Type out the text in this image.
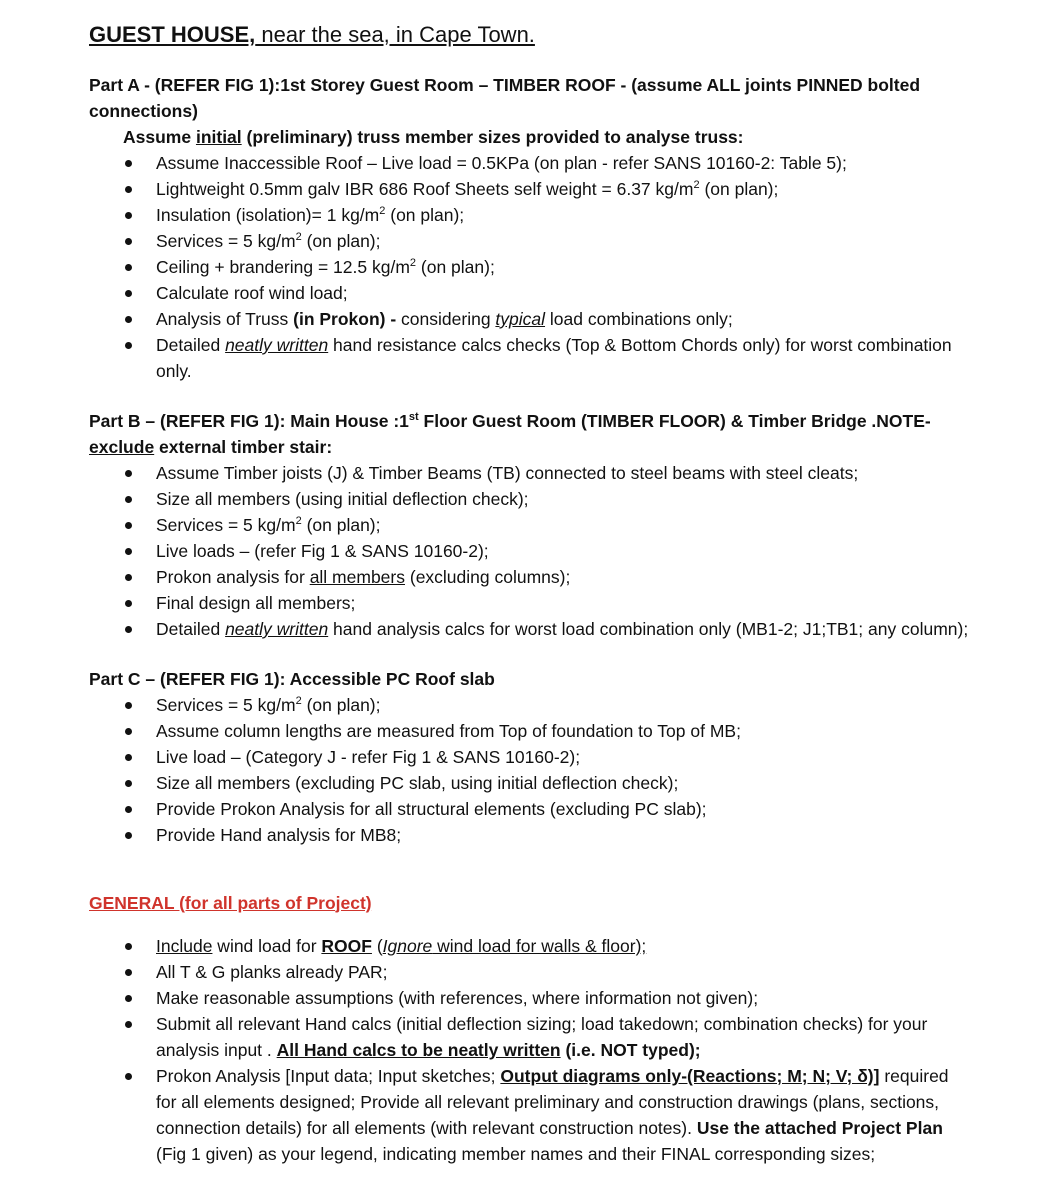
GUEST HOUSE, near the sea, in Cape Town.

Part A - (REFER FIG 1):1st Storey Guest Room – TIMBER ROOF - (assume ALL joints PINNED bolted connections)

Assume initial (preliminary) truss member sizes provided to analyse truss:

Assume Inaccessible Roof – Live load = 0.5KPa (on plan - refer SANS 10160-2: Table 5);
Lightweight 0.5mm galv IBR 686 Roof Sheets self weight = 6.37 $kg/m^2$ (on plan);
Insulation (isolation)= 1 $kg/m^2$ (on plan);
Services = 5 $kg/m^2$ (on plan);
Ceiling + brandering = 12.5 $kg/m^2$ (on plan);
Calculate roof wind load;
Analysis of Truss (in Prokon) - considering typical load combinations only;
Detailed neatly written hand resistance calcs checks (Top & Bottom Chords only) for worst combination only.

Part B – (REFER FIG 1): Main House :1st Floor Guest Room (TIMBER FLOOR) & Timber Bridge .NOTE- exclude external timber stair:

Assume Timber joists (J) & Timber Beams (TB) connected to steel beams with steel cleats;
Size all members (using initial deflection check);
Services = 5 $kg/m^2$ (on plan);
Live loads – (refer Fig 1 & SANS 10160-2);
Prokon analysis for all members (excluding columns);
Final design all members;
Detailed neatly written hand analysis calcs for worst load combination only (MB1-2; J1;TB1; any column);

Part C – (REFER FIG 1): Accessible PC Roof slab

Services = 5 $kg/m^2$ (on plan);
Assume column lengths are measured from Top of foundation to Top of MB;
Live load – (Category J - refer Fig 1 & SANS 10160-2);
Size all members (excluding PC slab, using initial deflection check);
Provide Prokon Analysis for all structural elements (excluding PC slab);
Provide Hand analysis for MB8;

GENERAL (for all parts of Project)

Include wind load for ROOF (Ignore wind load for walls & floor);
All T & G planks already PAR;
Make reasonable assumptions (with references, where information not given);
Submit all relevant Hand calcs (initial deflection sizing; load takedown; combination checks) for your analysis input . All Hand calcs to be neatly written (i.e. NOT typed);
Prokon Analysis [Input data; Input sketches; Output diagrams only-(Reactions; M; N; V; δ)] required for all elements designed; Provide all relevant preliminary and construction drawings (plans, sections, connection details) for all elements (with relevant construction notes). Use the attached Project Plan (Fig 1 given) as your legend, indicating member names and their FINAL corresponding sizes;
